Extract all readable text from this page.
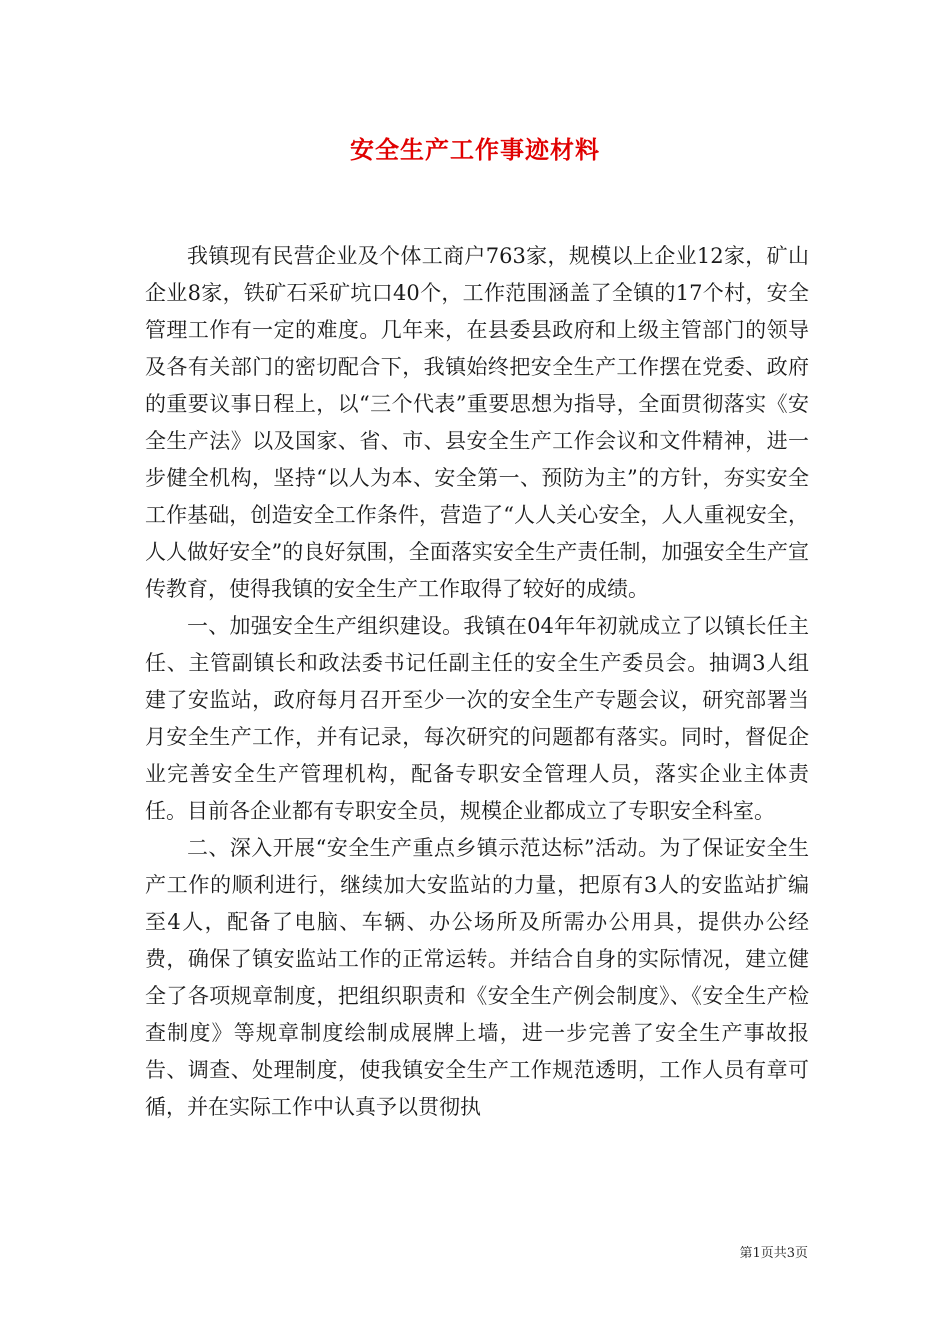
安全生产工作事迹材料

我镇现有民营企业及个体工商户763家，规模以上企业12家，矿山企业8家，铁矿石采矿坑口40个，工作范围涵盖了全镇的17个村，安全管理工作有一定的难度。几年来，在县委县政府和上级主管部门的领导及各有关部门的密切配合下，我镇始终把安全生产工作摆在党委、政府的重要议事日程上，以“三个代表”重要思想为指导，全面贯彻落实《安全生产法》以及国家、省、市、县安全生产工作会议和文件精神，进一步健全机构，坚持“以人为本、安全第一、预防为主”的方针，夯实安全工作基础，创造安全工作条件，营造了“人人关心安全，人人重视安全，人人做好安全”的良好氛围，全面落实安全生产责任制，加强安全生产宣传教育，使得我镇的安全生产工作取得了较好的成绩。

一、加强安全生产组织建设。我镇在04年年初就成立了以镇长任主任、主管副镇长和政法委书记任副主任的安全生产委员会。抽调3人组建了安监站，政府每月召开至少一次的安全生产专题会议，研究部署当月安全生产工作，并有记录，每次研究的问题都有落实。同时，督促企业完善安全生产管理机构，配备专职安全管理人员，落实企业主体责任。目前各企业都有专职安全员，规模企业都成立了专职安全科室。

二、深入开展“安全生产重点乡镇示范达标”活动。为了保证安全生产工作的顺利进行，继续加大安监站的力量，把原有3人的安监站扩编至4人，配备了电脑、车辆、办公场所及所需办公用具，提供办公经费，确保了镇安监站工作的正常运转。并结合自身的实际情况，建立健全了各项规章制度，把组织职责和《安全生产例会制度》、《安全生产检查制度》等规章制度绘制成展牌上墙，进一步完善了安全生产事故报告、调查、处理制度，使我镇安全生产工作规范透明，工作人员有章可循，并在实际工作中认真予以贯彻执

第1页共3页
